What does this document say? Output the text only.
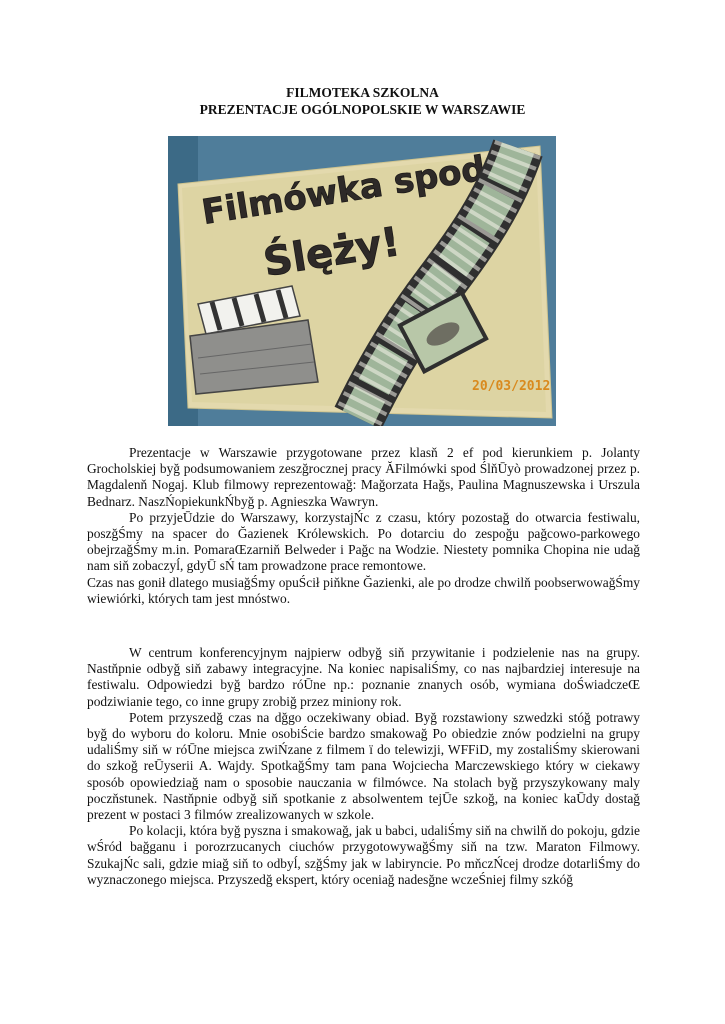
FILMOTEKA SZKOLNA
PREZENTACJE OGÓLNOPOLSKIE W WARSZAWIE
Filmówka spod
Ślęży!
20/03/2012

Prezentacje w Warszawie przygotowane przez klasň 2 ef pod kierunkiem p. Jolanty Grocholskiej byğ podsumowaniem zeszğrocznej pracy ĂFilmówki spod ŚlňŪyò prowadzonej przez p. Magdalenň Nogaj. Klub filmowy reprezentowağ: Mağorzata Hağs, Paulina Magnuszewska i Urszula Bednarz. NaszŃopiekunkŃbyğ p. Agnieszka Wawryn.

Po przyjeŪdzie do Warszawy, korzystajŃc z czasu, który pozostağ do otwarcia festiwalu, poszğŚmy na spacer do Ğazienek Królewskich. Po dotarciu do zespoğu pağcowo-parkowego obejrzağŚmy m.in. PomaraŒzarniň Belweder i Pağc na Wodzie. Niestety pomnika Chopina nie udağ nam siň zobaczyĺ, gdyŪ sŃ tam prowadzone prace remontowe.

Czas nas gonił dlatego musiağŚmy opuŚcił piňkne Ğazienki, ale po drodze chwilň poobserwowağŚmy wiewiórki, których tam jest mnóstwo.

W centrum konferencyjnym najpierw odbyğ siň przywitanie i podzielenie nas na grupy. Nastňpnie odbyğ siň zabawy integracyjne. Na koniec napisaliŚmy, co nas najbardziej interesuje na festiwalu. Odpowiedzi byğ bardzo róŪne np.: poznanie znanych osób, wymiana doŚwiadczeŒ podziwianie tego, co inne grupy zrobiğ przez miniony rok.

Potem przyszedğ czas na dğgo oczekiwany obiad. Byğ rozstawiony szwedzki stóğ potrawy byğ do wyboru do koloru. Mnie osobiŚcie bardzo smakowağ Po obiedzie znów podzielni na grupy udaliŚmy siň w róŪne miejsca zwiŃzane z filmem ï do telewizji, WFFiD, my zostaliŚmy skierowani do szkoğ reŪyserii A. Wajdy. SpotkağŚmy tam pana Wojciecha Marczewskiego który w ciekawy sposób opowiedziağ nam o sposobie nauczania w filmówce. Na stolach byğ przyszykowany maly poczňstunek. Nastňpnie odbyğ siň spotkanie z absolwentem tejŪe szkoğ, na koniec kaŪdy dostağ prezent w postaci 3 filmów zrealizowanych w szkole.

Po kolacji, która byğ pyszna i smakowağ, jak u babci, udaliŚmy siň na chwilň do pokoju, gdzie wŚród bağganu i porozrzucanych ciuchów przygotowywağŚmy siň na tzw. Maraton Filmowy. SzukajŃc sali, gdzie miağ siň to odbyĺ, szğŚmy jak w labiryncie. Po mňczŃcej drodze dotarliŚmy do wyznaczonego miejsca. Przyszedğ ekspert, który oceniağ nadesğne wczeŚniej filmy szkóğ
